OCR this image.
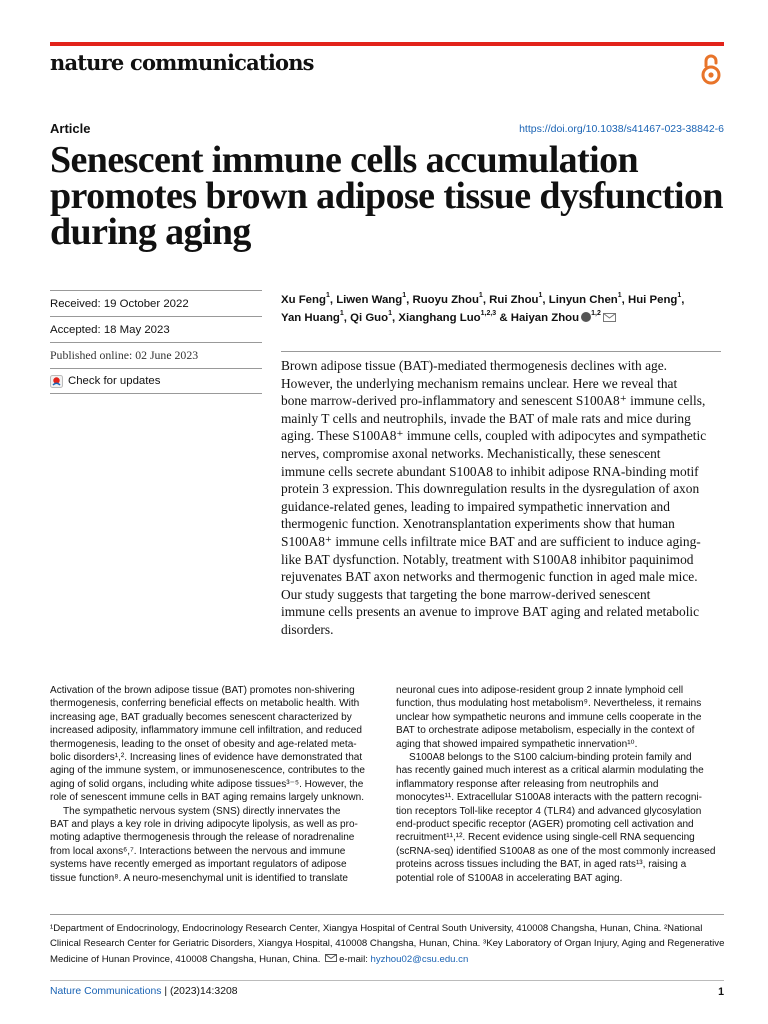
nature communications
Article	https://doi.org/10.1038/s41467-023-38842-6
Senescent immune cells accumulation
promotes brown adipose tissue dysfunction
during aging
Received: 19 October 2022
Accepted: 18 May 2023
Published online: 02 June 2023
Check for updates
Xu Feng$^1$, Liwen Wang$^1$, Ruoyu Zhou$^1$, Rui Zhou$^1$, Linyun Chen$^1$, Hui Peng$^1$,
Yan Huang$^1$, Qi Guo$^1$, Xianghang Luo$^{1,2,3}$ & Haiyan Zhou $^{1,2}$
Brown adipose tissue (BAT)-mediated thermogenesis declines with age.
However, the underlying mechanism remains unclear. Here we reveal that
bone marrow-derived pro-inflammatory and senescent S100A8⁺ immune cells,
mainly T cells and neutrophils, invade the BAT of male rats and mice during
aging. These S100A8⁺ immune cells, coupled with adipocytes and sympathetic
nerves, compromise axonal networks. Mechanistically, these senescent
immune cells secrete abundant S100A8 to inhibit adipose RNA-binding motif
protein 3 expression. This downregulation results in the dysregulation of axon
guidance-related genes, leading to impaired sympathetic innervation and
thermogenic function. Xenotransplantation experiments show that human
S100A8⁺ immune cells infiltrate mice BAT and are sufficient to induce aging-
like BAT dysfunction. Notably, treatment with S100A8 inhibitor paquinimod
rejuvenates BAT axon networks and thermogenic function in aged male mice.
Our study suggests that targeting the bone marrow-derived senescent
immune cells presents an avenue to improve BAT aging and related metabolic
disorders.
Activation of the brown adipose tissue (BAT) promotes non-shivering
thermogenesis, conferring beneficial effects on metabolic health. With
increasing age, BAT gradually becomes senescent characterized by
increased adiposity, inflammatory immune cell infiltration, and reduced
thermogenesis, leading to the onset of obesity and age-related meta-
bolic disorders¹,². Increasing lines of evidence have demonstrated that
aging of the immune system, or immunosenescence, contributes to the
aging of solid organs, including white adipose tissues³⁻⁵. However, the
role of senescent immune cells in BAT aging remains largely unknown.
The sympathetic nervous system (SNS) directly innervates the
BAT and plays a key role in driving adipocyte lipolysis, as well as pro-
moting adaptive thermogenesis through the release of noradrenaline
from local axons⁶,⁷. Interactions between the nervous and immune
systems have recently emerged as important regulators of adipose
tissue function⁸. A neuro-mesenchymal unit is identified to translate
neuronal cues into adipose-resident group 2 innate lymphoid cell
function, thus modulating host metabolism⁹. Nevertheless, it remains
unclear how sympathetic neurons and immune cells cooperate in the
BAT to orchestrate adipose metabolism, especially in the context of
aging that showed impaired sympathetic innervation¹⁰.
S100A8 belongs to the S100 calcium-binding protein family and
has recently gained much interest as a critical alarmin modulating the
inflammatory response after releasing from neutrophils and
monocytes¹¹. Extracellular S100A8 interacts with the pattern recogni-
tion receptors Toll-like receptor 4 (TLR4) and advanced glycosylation
end-product specific receptor (AGER) promoting cell activation and
recruitment¹¹,¹². Recent evidence using single-cell RNA sequencing
(scRNA-seq) identified S100A8 as one of the most commonly increased
proteins across tissues including the BAT, in aged rats¹³, raising a
potential role of S100A8 in accelerating BAT aging.
¹Department of Endocrinology, Endocrinology Research Center, Xiangya Hospital of Central South University, 410008 Changsha, Hunan, China. ²National
Clinical Research Center for Geriatric Disorders, Xiangya Hospital, 410008 Changsha, Hunan, China. ³Key Laboratory of Organ Injury, Aging and Regenerative
Medicine of Hunan Province, 410008 Changsha, Hunan, China. e-mail: hyzhou02@csu.edu.cn
Nature Communications | (2023)14:3208	1
